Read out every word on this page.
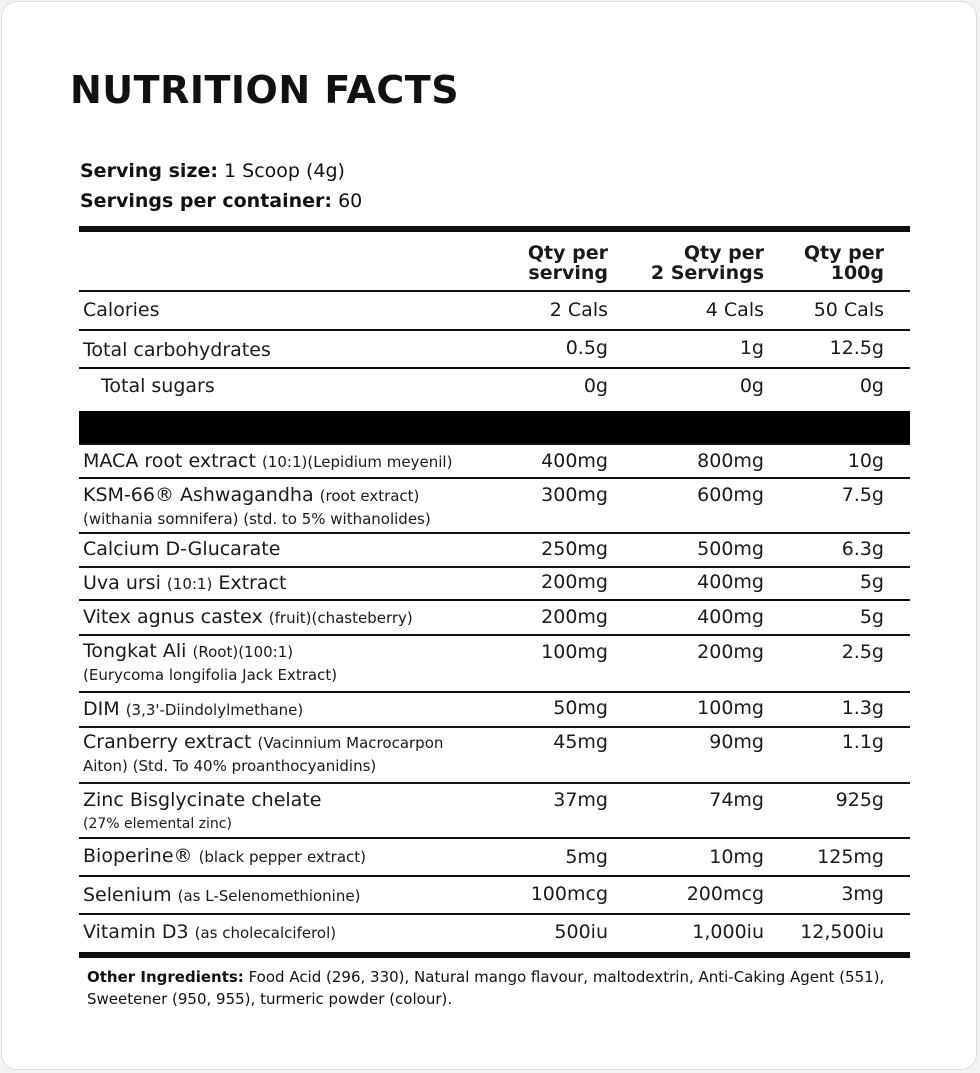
NUTRITION FACTS
Serving size: 1 Scoop (4g)
Servings per container: 60
Qty per
serving
Qty per
2 Servings
Qty per
100g
Calories	2 Cals	4 Cals	50 Cals
Total carbohydrates	0.5g	1g	12.5g
Total sugars	0g	0g	0g
MACA root extract (10:1)(Lepidium meyenil)	400mg	800mg	10g
KSM-66® Ashwagandha (root extract)
(withania somnifera) (std. to 5% withanolides)
300mg	600mg	7.5g
Calcium D-Glucarate	250mg	500mg	6.3g
Uva ursi (10:1) Extract	200mg	400mg	5g
Vitex agnus castex (fruit)(chasteberry)	200mg	400mg	5g
Tongkat Ali (Root)(100:1)
(Eurycoma longifolia Jack Extract)
100mg	200mg	2.5g
DIM (3,3'-Diindolylmethane)	50mg	100mg	1.3g
Cranberry extract (Vacinnium Macrocarpon
Aiton) (Std. To 40% proanthocyanidins)
45mg	90mg	1.1g
Zinc Bisglycinate chelate
(27% elemental zinc)
37mg	74mg	925g
Bioperine® (black pepper extract)	5mg	10mg	125mg
Selenium (as L-Selenomethionine)	100mcg	200mcg	3mg
Vitamin D3 (as cholecalciferol)	500iu	1,000iu 12,500iu
Other Ingredients: Food Acid (296, 330), Natural mango flavour, maltodextrin, Anti-Caking Agent (551), Sweetener (950, 955), turmeric powder (colour).
